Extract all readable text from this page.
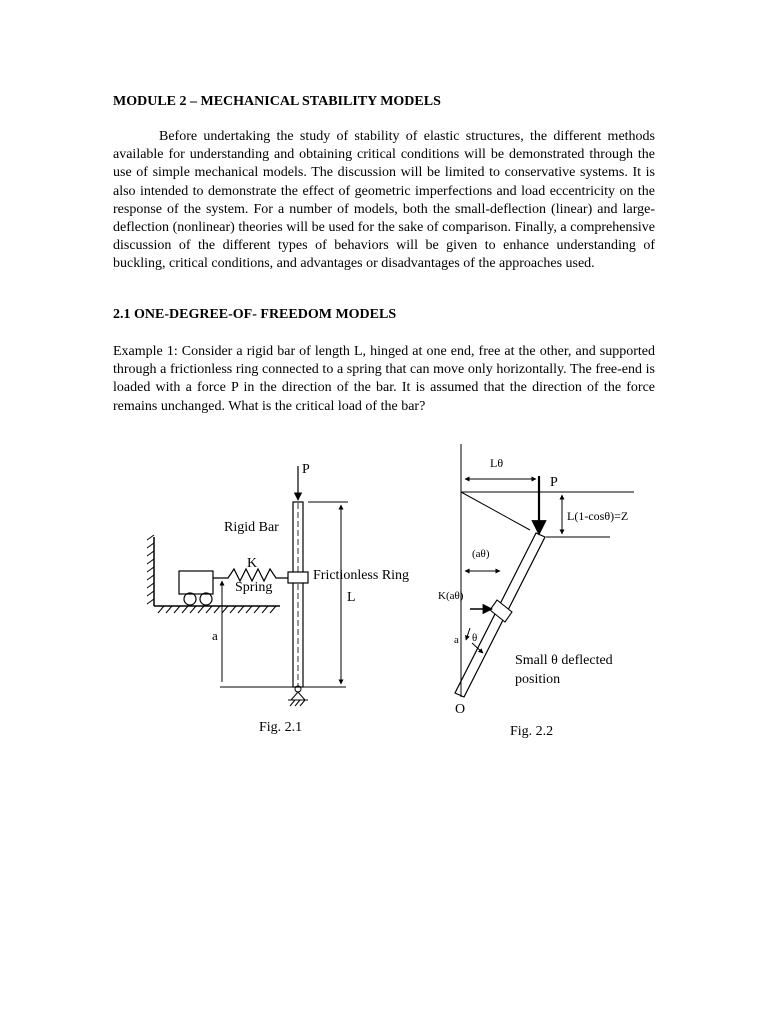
MODULE 2 – MECHANICAL STABILITY MODELS

Before undertaking the study of stability of elastic structures, the different methods available for understanding and obtaining critical conditions will be demonstrated through the use of simple mechanical models. The discussion will be limited to conservative systems. It is also intended to demonstrate the effect of geometric imperfections and load eccentricity on the response of the system. For a number of models, both the small-deflection (linear) and large-deflection (nonlinear) theories will be used for the sake of comparison. Finally, a comprehensive discussion of the different types of behaviors will be given to enhance understanding of buckling, critical conditions, and advantages or disadvantages of the approaches used.

2.1 ONE-DEGREE-OF- FREEDOM MODELS

Example 1: Consider a rigid bar of length L, hinged at one end, free at the other, and supported through a frictionless ring connected to a spring that can move only horizontally. The free-end is loaded with a force P in the direction of the bar. It is assumed that the direction of the force remains unchanged. What is the critical load of the bar?

P
Rigid Bar
K
Spring
Frictionless Ring
L
a
Fig. 2.1
Lθ
P
L(1-cosθ)=Z
(aθ)
K(aθ)
a θ
Small θ deflected
position
O
Fig. 2.2
